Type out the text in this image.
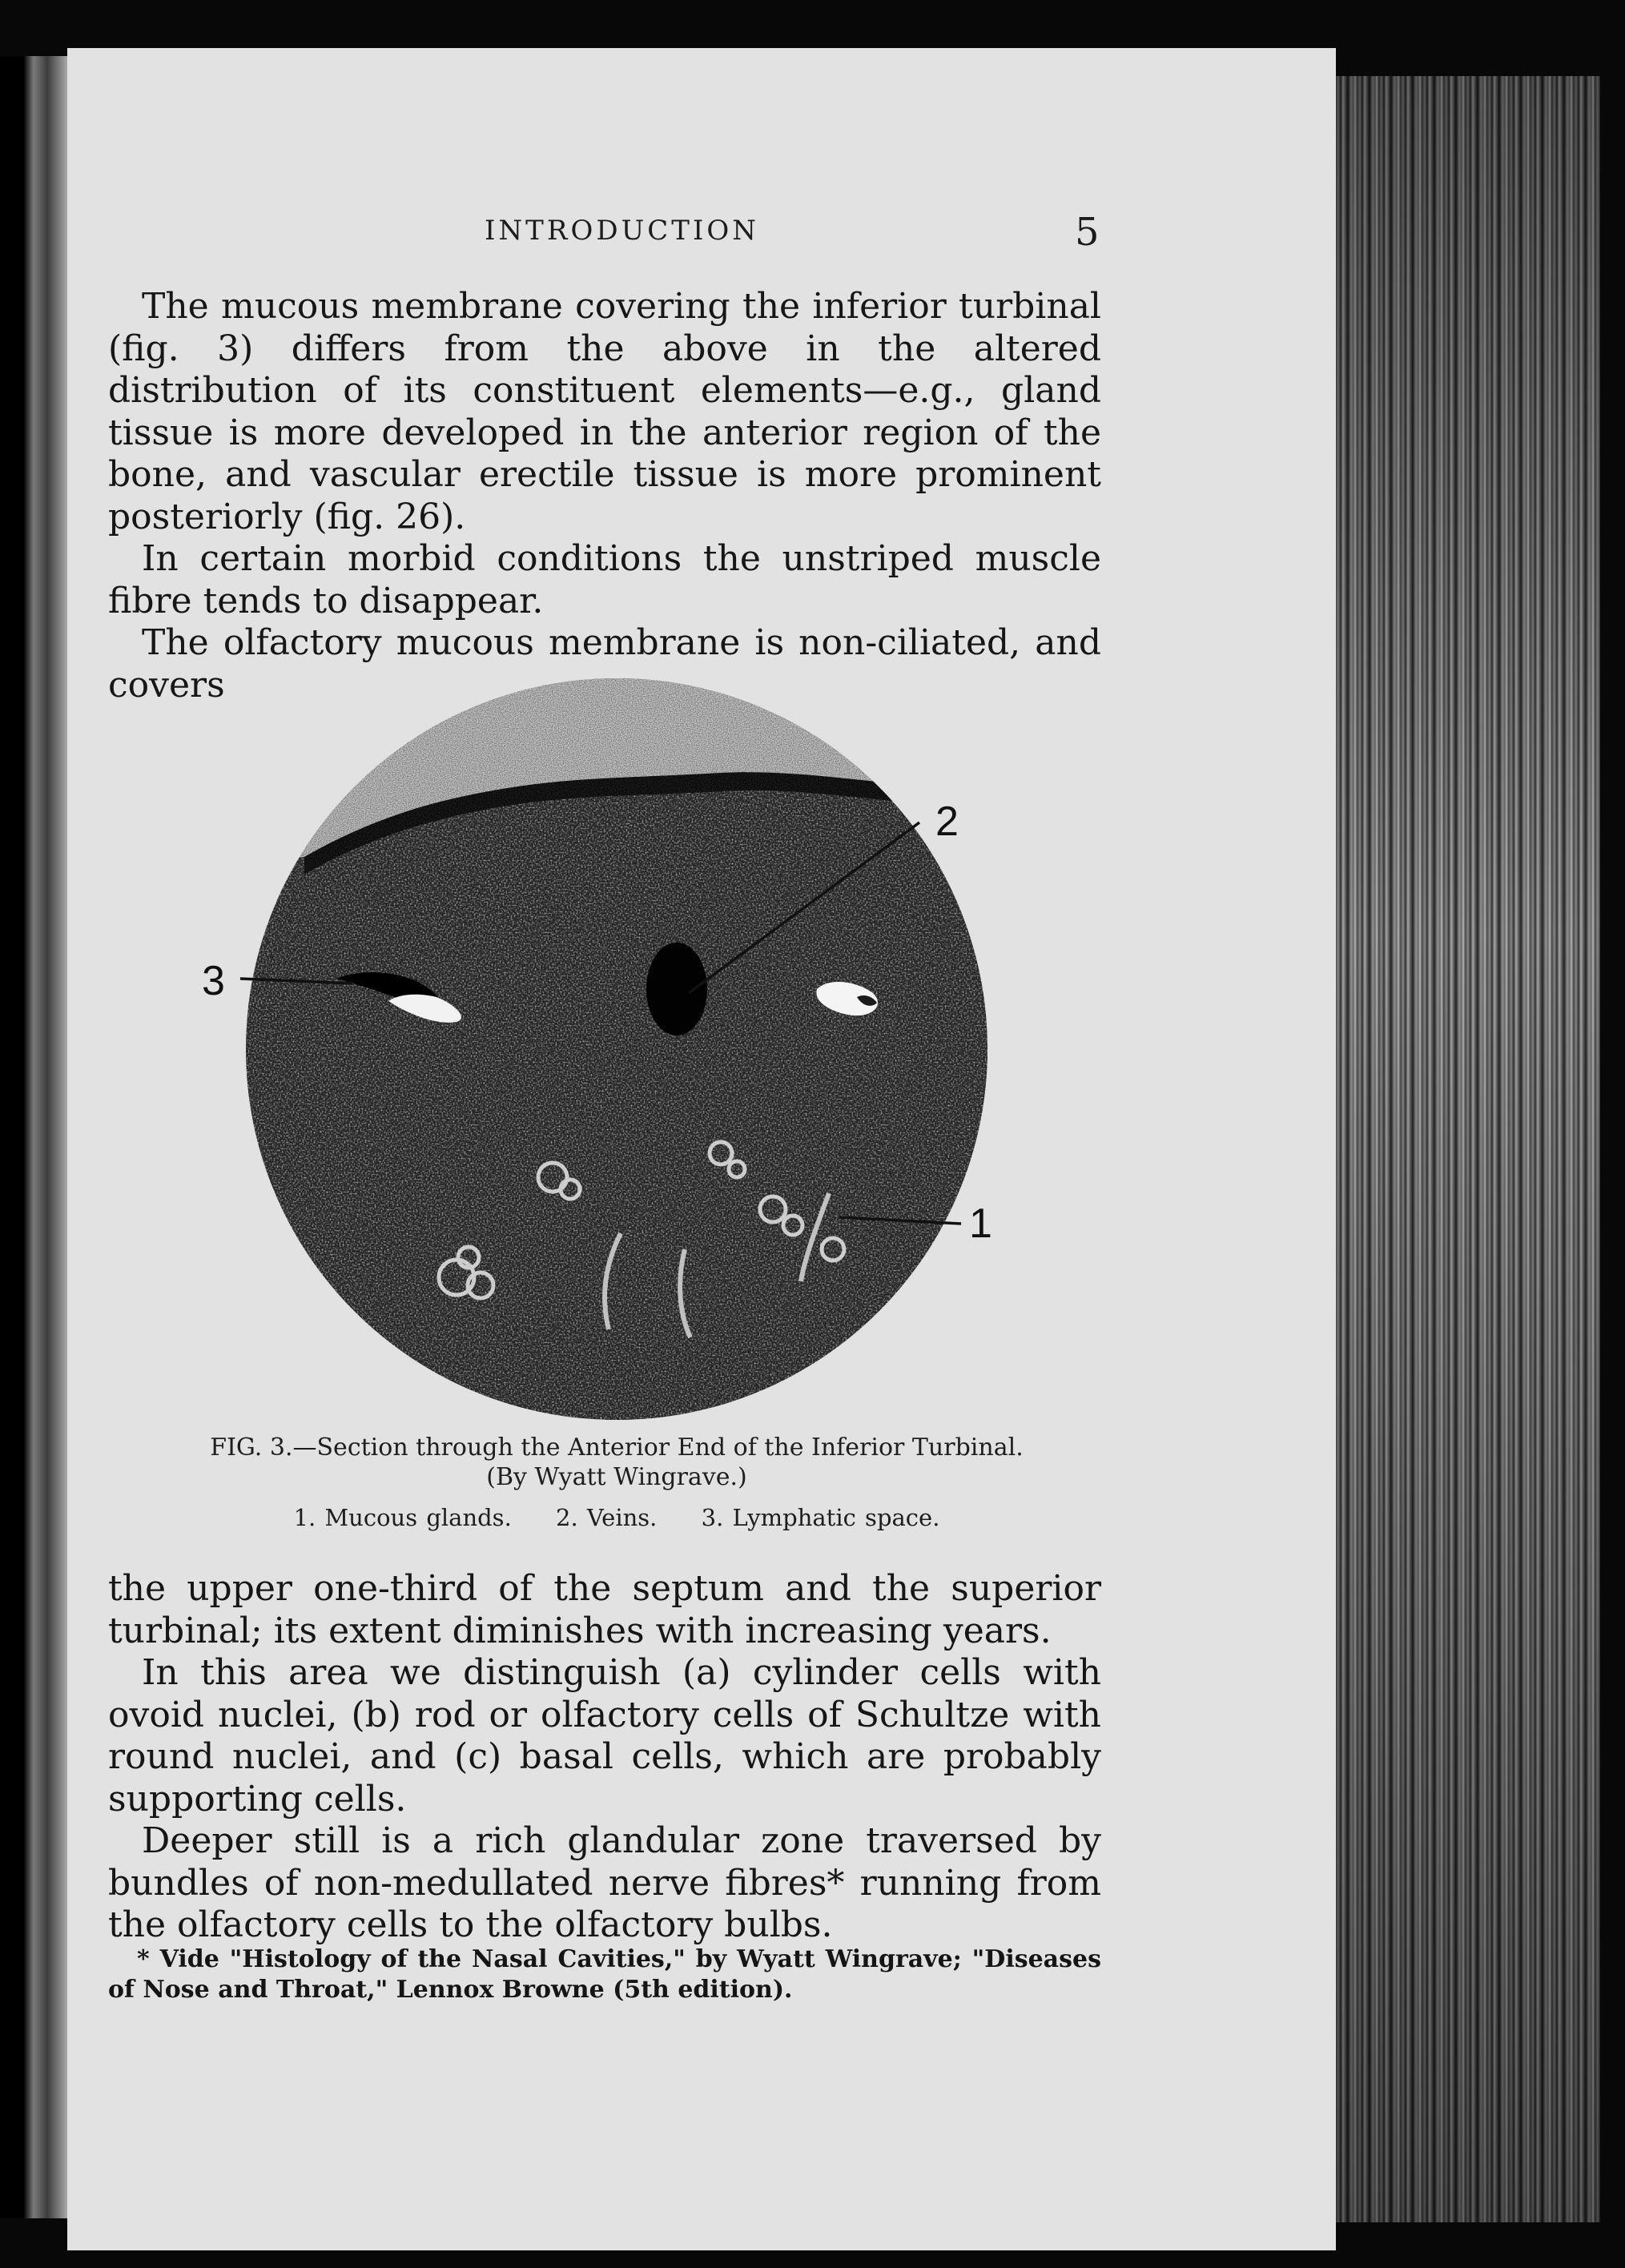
INTRODUCTION	5

The mucous membrane covering the inferior turbinal (fig. 3) differs from the above in the altered distribution of its constituent elements—e.g., gland tissue is more developed in the anterior region of the bone, and vascular erectile tissue is more prominent posteriorly (fig. 26).

In certain morbid conditions the unstriped muscle fibre tends to disappear.

The olfactory mucous membrane is non-ciliated, and covers

2
3
1
FIG. 3.—Section through the Anterior End of the Inferior Turbinal.
(By Wyatt Wingrave.)
1. Mucous glands. 2. Veins. 3. Lymphatic space.

the upper one-third of the septum and the superior turbinal; its extent diminishes with increasing years.

In this area we distinguish (a) cylinder cells with ovoid nuclei, (b) rod or olfactory cells of Schultze with round nuclei, and (c) basal cells, which are probably supporting cells.

Deeper still is a rich glandular zone traversed by bundles of non-medullated nerve fibres* running from the olfactory cells to the olfactory bulbs.

* Vide "Histology of the Nasal Cavities," by Wyatt Wingrave; "Diseases of Nose and Throat," Lennox Browne (5th edition).
